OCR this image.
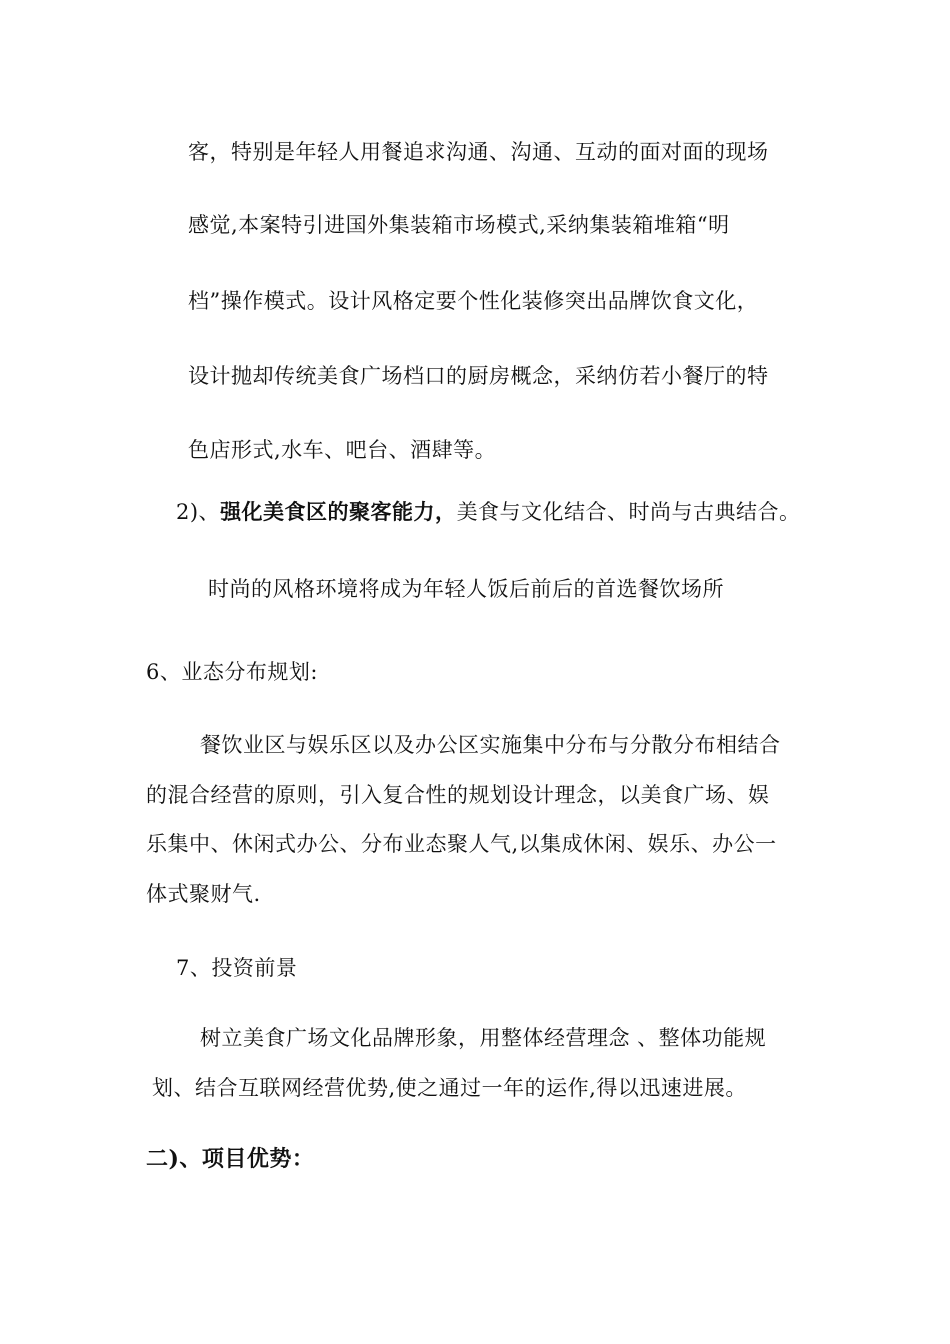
客，特别是年轻人用餐追求沟通、沟通、互动的面对面的现场
感觉,本案特引进国外集装箱市场模式,采纳集装箱堆箱“明
档”操作模式。设计风格定要个性化装修突出品牌饮食文化，
设计抛却传统美食广场档口的厨房概念，采纳仿若小餐厅的特
色店形式,水车、吧台、酒肆等。
2)、强化美食区的聚客能力，美食与文化结合、时尚与古典结合。
时尚的风格环境将成为年轻人饭后前后的首选餐饮场所
6、业态分布规划:
餐饮业区与娱乐区以及办公区实施集中分布与分散分布相结合
的混合经营的原则，引入复合性的规划设计理念，以美食广场、娱
乐集中、休闲式办公、分布业态聚人气,以集成休闲、娱乐、办公一
体式聚财气.
7、投资前景
树立美食广场文化品牌形象，用整体经营理念 、整体功能规
划、结合互联网经营优势,使之通过一年的运作,得以迅速进展。
二)、项目优势：
